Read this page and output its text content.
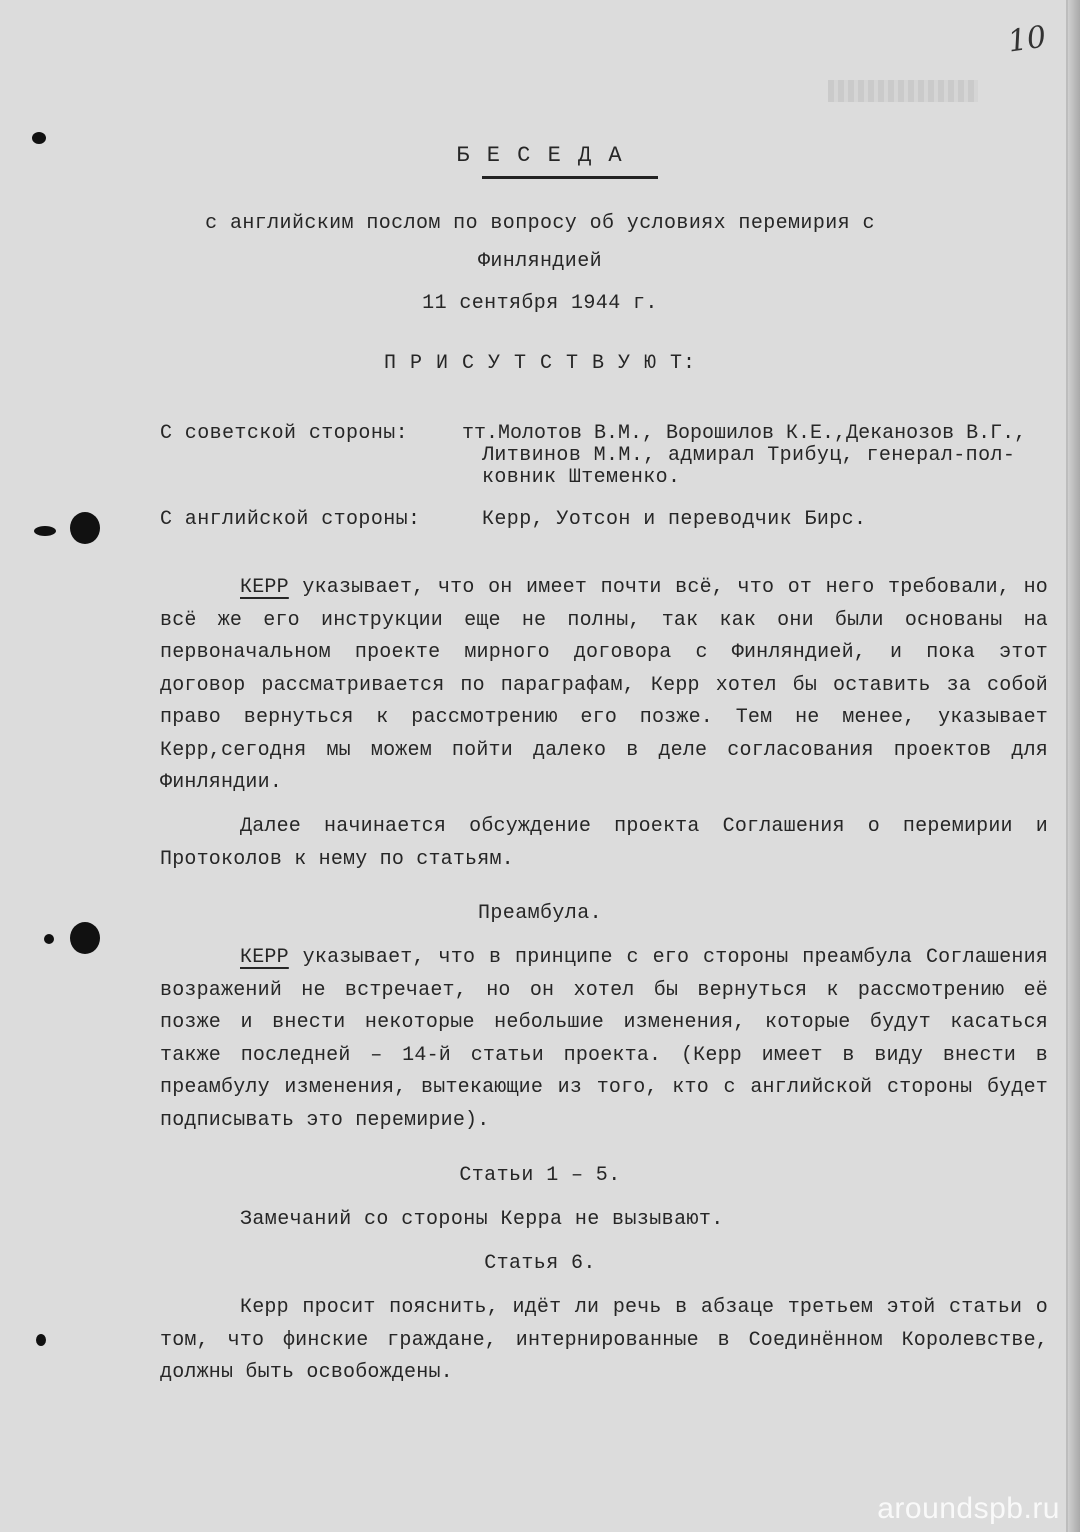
10
Б Е С Е Д А
с английским послом по вопросу об условиях перемирия с
Финляндией
11 сентября 1944 г.
П Р И С У Т С Т В У Ю Т:
С советской стороны:	тт.Молотов В.М., Ворошилов К.Е.,Деканозов В.Г.,
Литвинов М.М., адмирал Трибуц, генерал-пол-
ковник Штеменко.
С английской стороны:	Керр, Уотсон и переводчик Бирс.

КЕРР указывает, что он имеет почти всё, что от него требовали, но всё же его инструкции еще не полны, так как они были основаны на первоначальном проекте мирного договора с Финляндией, и пока этот договор рассматривается по параграфам, Керр хотел бы оставить за собой право вернуться к рассмотрению его позже. Тем не менее, указывает Керр,сегодня мы можем пойти далеко в деле согласования проектов для Финляндии.

Далее начинается обсуждение проекта Соглашения о перемирии и Протоколов к нему по статьям.

Преамбула.

КЕРР указывает, что в принципе с его стороны преамбула Соглашения возражений не встречает, но он хотел бы вернуться к рассмотрению её позже и внести некоторые небольшие изменения, которые будут касаться также последней – 14-й статьи проекта. (Керр имеет в виду внести в преамбулу изменения, вытекающие из того, кто с английской стороны будет подписывать это перемирие).

Статьи 1 – 5.
Замечаний со стороны Керра не вызывают.
Статья 6.

Керр просит пояснить, идёт ли речь в абзаце третьем этой статьи о том, что финские граждане, интернированные в Соединённом Королевстве, должны быть освобождены.

aroundspb.ru
